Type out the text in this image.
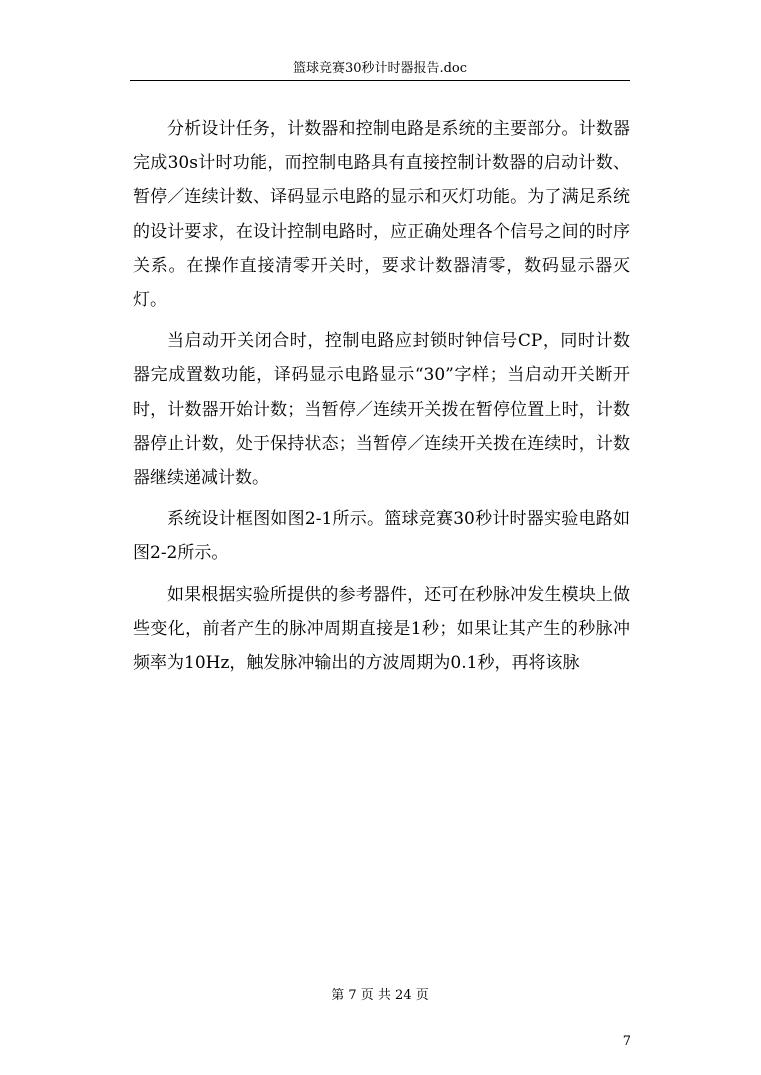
篮球竞赛30秒计时器报告.doc

分析设计任务，计数器和控制电路是系统的主要部分。计数器完成30s计时功能，而控制电路具有直接控制计数器的启动计数、暂停／连续计数、译码显示电路的显示和灭灯功能。为了满足系统的设计要求，在设计控制电路时，应正确处理各个信号之间的时序关系。在操作直接清零开关时，要求计数器清零，数码显示器灭灯。

当启动开关闭合时，控制电路应封锁时钟信号CP，同时计数器完成置数功能，译码显示电路显示“30”字样；当启动开关断开时，计数器开始计数；当暂停／连续开关拨在暂停位置上时，计数器停止计数，处于保持状态；当暂停／连续开关拨在连续时，计数器继续递减计数。

系统设计框图如图2-1所示。篮球竞赛30秒计时器实验电路如图2-2所示。

如果根据实验所提供的参考器件，还可在秒脉冲发生模块上做些变化，前者产生的脉冲周期直接是1秒；如果让其产生的秒脉冲频率为10Hz，触发脉冲输出的方波周期为0.1秒，再将该脉

第 7 页 共 24 页
7
